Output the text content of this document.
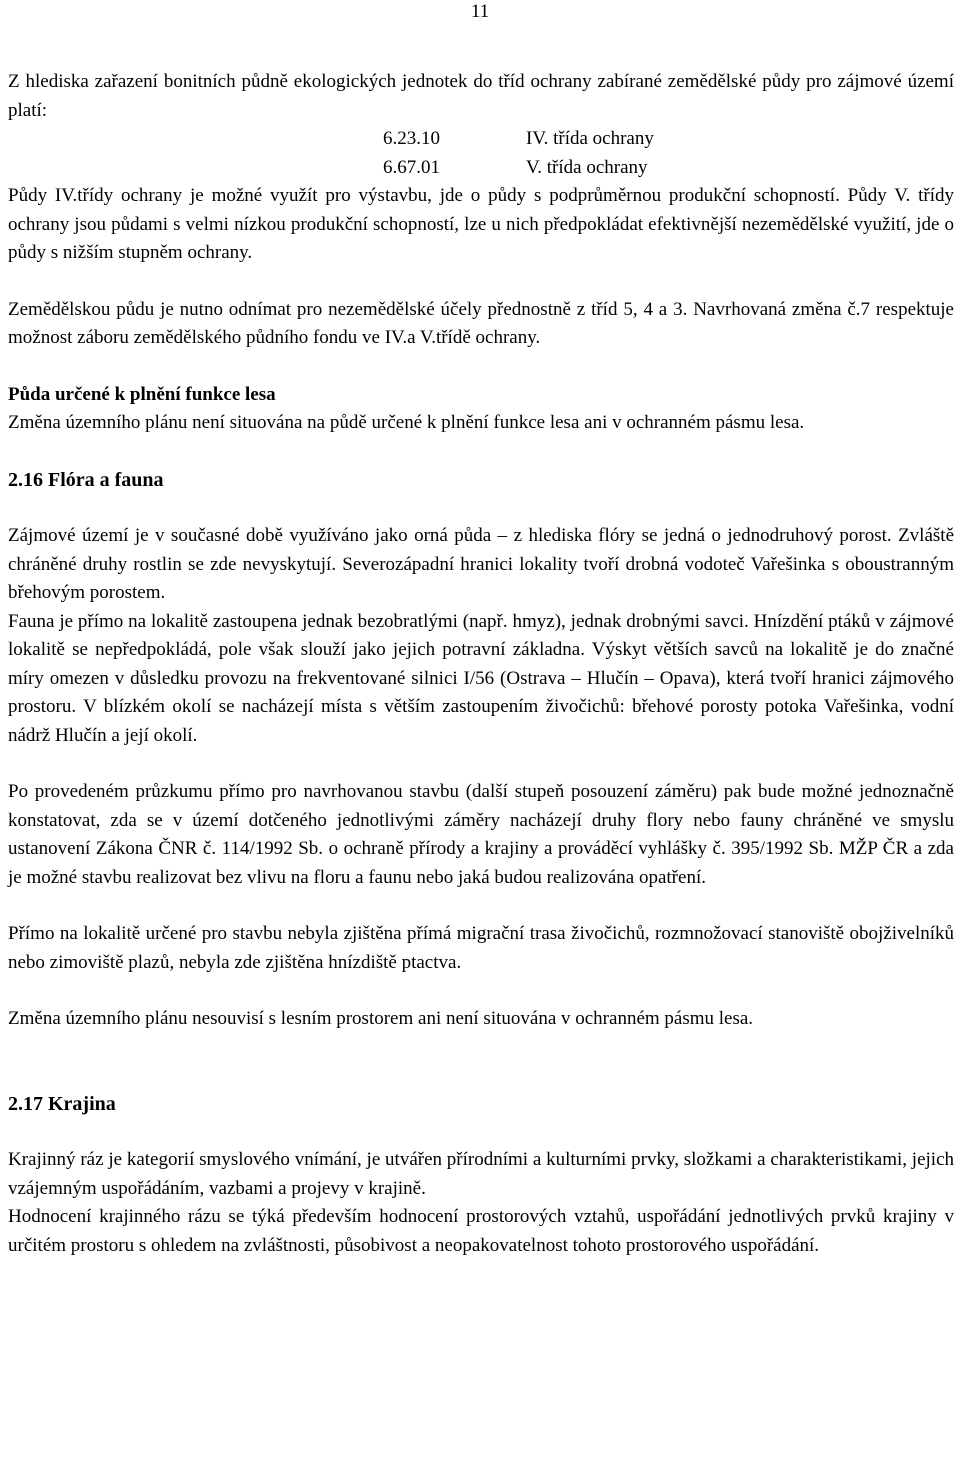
11

Z hlediska zařazení bonitních půdně ekologických jednotek do tříd ochrany zabírané zemědělské půdy pro zájmové území platí:

6.23.10	IV. třída ochrany
6.67.01	V. třída ochrany

Půdy IV.třídy ochrany je možné využít pro výstavbu, jde o půdy s podprůměrnou produkční schopností. Půdy V. třídy ochrany jsou půdami s velmi nízkou produkční schopností, lze u nich předpokládat efektivnější nezemědělské využití, jde o půdy s nižším stupněm ochrany.

Zemědělskou půdu je nutno odnímat pro nezemědělské účely přednostně z tříd 5, 4 a 3. Navrhovaná změna č.7 respektuje možnost záboru zemědělského půdního fondu ve IV.a V.třídě ochrany.

Půda určené k plnění funkce lesa

Změna územního plánu není situována na půdě určené k plnění funkce lesa ani v ochranném pásmu lesa.

2.16 Flóra a fauna

Zájmové území je v současné době využíváno jako orná půda – z hlediska flóry se jedná o jednodruhový porost. Zvláště chráněné druhy rostlin se zde nevyskytují. Severozápadní hranici lokality tvoří drobná vodoteč Vařešinka s oboustranným břehovým porostem.

Fauna je přímo na lokalitě zastoupena jednak bezobratlými (např. hmyz), jednak drobnými savci. Hnízdění ptáků v zájmové lokalitě se nepředpokládá, pole však slouží jako jejich potravní základna. Výskyt větších savců na lokalitě je do značné míry omezen v důsledku provozu na frekventované silnici I/56 (Ostrava – Hlučín – Opava), která tvoří hranici zájmového prostoru. V blízkém okolí se nacházejí místa s větším zastoupením živočichů: břehové porosty potoka Vařešinka, vodní nádrž Hlučín a její okolí.

Po provedeném průzkumu přímo pro navrhovanou stavbu (další stupeň posouzení záměru) pak bude možné jednoznačně konstatovat, zda se v území dotčeného jednotlivými záměry nacházejí druhy flory nebo fauny chráněné ve smyslu ustanovení Zákona ČNR č. 114/1992 Sb. o ochraně přírody a krajiny a prováděcí vyhlášky č. 395/1992 Sb. MŽP ČR a zda je možné stavbu realizovat bez vlivu na floru a faunu nebo jaká budou realizována opatření.

Přímo na lokalitě určené pro stavbu nebyla zjištěna přímá migrační trasa živočichů, rozmnožovací stanoviště obojživelníků nebo zimoviště plazů, nebyla zde zjištěna hnízdiště ptactva.

Změna územního plánu nesouvisí s lesním prostorem ani není situována v ochranném pásmu lesa.

2.17 Krajina

Krajinný ráz je kategorií smyslového vnímání, je utvářen přírodními a kulturními prvky, složkami a charakteristikami, jejich vzájemným uspořádáním, vazbami a projevy v krajině.

Hodnocení krajinného rázu se týká především hodnocení prostorových vztahů, uspořádání jednotlivých prvků krajiny v určitém prostoru s ohledem na zvláštnosti, působivost a neopakovatelnost tohoto prostorového uspořádání.
